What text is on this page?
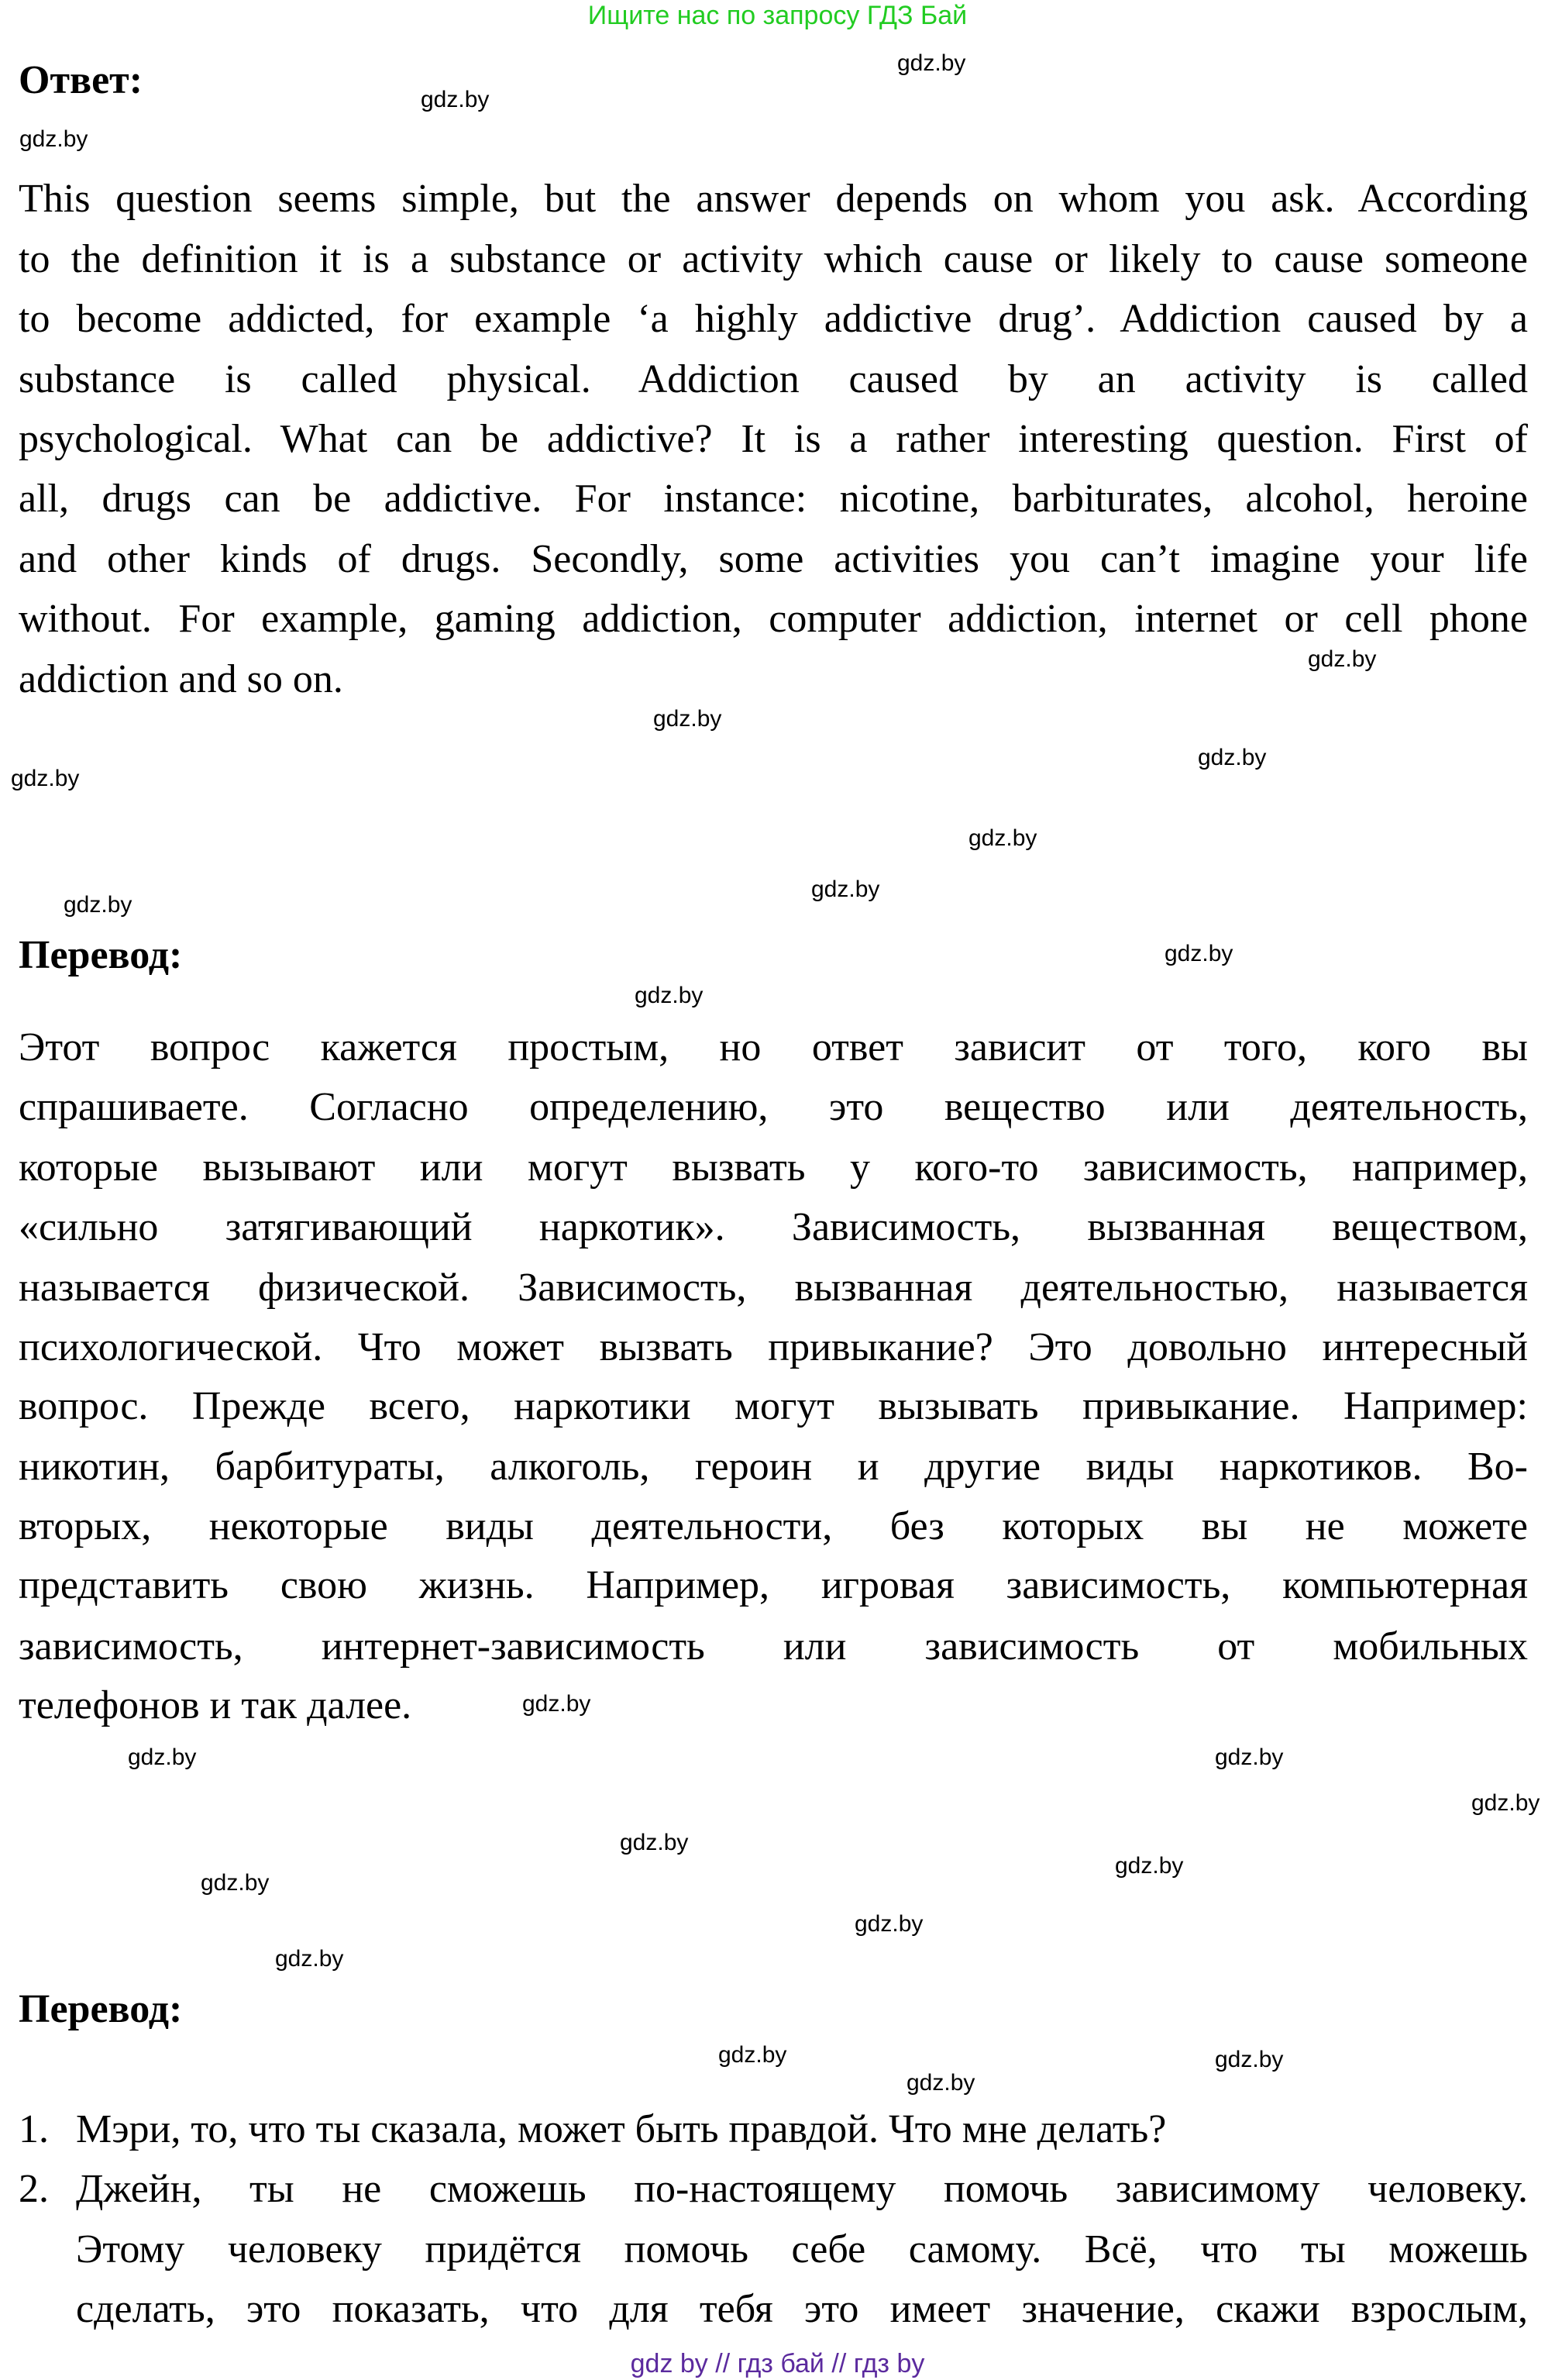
Ищите нас по запросу ГДЗ Бай
Ответ:
This question seems simple, but the answer depends on whom you ask. According
to the definition it is a substance or activity which cause or likely to cause someone
to become addicted, for example ‘a highly addictive drug’. Addiction caused by a
substance is called physical. Addiction caused by an activity is called
psychological. What can be addictive? It is a rather interesting question. First of
all, drugs can be addictive. For instance: nicotine, barbiturates, alcohol, heroine
and other kinds of drugs. Secondly, some activities you can’t imagine your life
without. For example, gaming addiction, computer addiction, internet or cell phone
addiction and so on.
Перевод:
Этот вопрос кажется простым, но ответ зависит от того, кого вы
спрашиваете. Согласно определению, это вещество или деятельность,
которые вызывают или могут вызвать у кого-то зависимость, например,
«сильно затягивающий наркотик». Зависимость, вызванная веществом,
называется физической. Зависимость, вызванная деятельностью, называется
психологической. Что может вызвать привыкание? Это довольно интересный
вопрос. Прежде всего, наркотики могут вызывать привыкание. Например:
никотин, барбитураты, алкоголь, героин и другие виды наркотиков. Во-
вторых, некоторые виды деятельности, без которых вы не можете
представить свою жизнь. Например, игровая зависимость, компьютерная
зависимость, интернет-зависимость или зависимость от мобильных
телефонов и так далее.
Перевод:
1. Мэри, то, что ты сказала, может быть правдой. Что мне делать?
2. Джейн, ты не сможешь по-настоящему помочь зависимому человеку.
Этому человеку придётся помочь себе самому. Всё, что ты можешь
сделать, это показать, что для тебя это имеет значение, скажи взрослым,
gdz.by
gdz.by
gdz.by
gdz.by
gdz.by
gdz.by
gdz.by
gdz.by
gdz.by
gdz.by
gdz.by
gdz.by
gdz.by	gdz.by
gdz.by
gdz.by
gdz.by
gdz.by
gdz.by
gdz.by
gdz.by
gdz.by
gdz.by
gdz.by
gdz by // гдз бай // гдз by
